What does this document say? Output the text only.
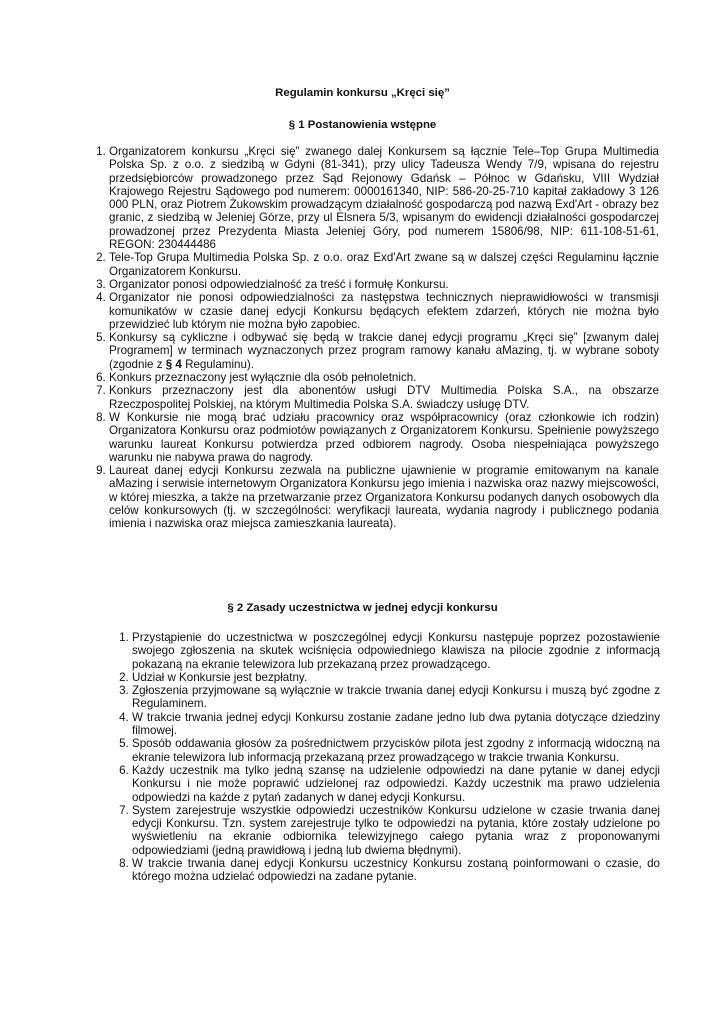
Regulamin konkursu „Kręci się”
§ 1 Postanowienia wstępne
1. Organizatorem konkursu „Kręci się” zwanego dalej Konkursem są łącznie Tele–Top Grupa Multimedia Polska Sp. z o.o. z siedzibą w Gdyni (81-341), przy ulicy Tadeusza Wendy 7/9, wpisana do rejestru przedsiębiorców prowadzonego przez Sąd Rejonowy Gdańsk – Północ w Gdańsku, VIII Wydział Krajowego Rejestru Sądowego pod numerem: 0000161340, NIP: 586-20-25-710 kapitał zakładowy 3 126 000 PLN, oraz Piotrem Żukowskim prowadzącym działalność gospodarczą pod nazwą Exd'Art - obrazy bez granic, z siedzibą w Jeleniej Górze, przy ul Elsnera 5/3, wpisanym do ewidencji działalności gospodarczej prowadzonej przez Prezydenta Miasta Jeleniej Góry, pod numerem 15806/98, NIP: 611-108-51-61, REGON: 230444486
2. Tele-Top Grupa Multimedia Polska Sp. z o.o. oraz Exd'Art zwane są w dalszej części Regulaminu łącznie Organizatorem Konkursu.
3. Organizator ponosi odpowiedzialność za treść i formułę Konkursu.
4. Organizator nie ponosi odpowiedzialności za następstwa technicznych nieprawidłowości w transmisji komunikatów w czasie danej edycji Konkursu będących efektem zdarzeń, których nie można było przewidzieć lub którym nie można było zapobiec.
5. Konkursy są cykliczne i odbywać się będą w trakcie danej edycji programu „Kręci się” [zwanym dalej Programem] w terminach wyznaczonych przez program ramowy kanału aMazing, tj. w wybrane soboty (zgodnie z § 4 Regulaminu).
6. Konkurs przeznaczony jest wyłącznie dla osób pełnoletnich.
7. Konkurs przeznaczony jest dla abonentów usługi DTV Multimedia Polska S.A., na obszarze Rzeczpospolitej Polskiej, na którym Multimedia Polska S.A. świadczy usługę DTV.
8. W Konkursie nie mogą brać udziału pracownicy oraz współpracownicy (oraz członkowie ich rodzin) Organizatora Konkursu oraz podmiotów powiązanych z Organizatorem Konkursu. Spełnienie powyższego warunku laureat Konkursu potwierdza przed odbiorem nagrody. Osoba niespełniająca powyższego warunku nie nabywa prawa do nagrody.
9. Laureat danej edycji Konkursu zezwala na publiczne ujawnienie w programie emitowanym na kanale aMazing i serwisie internetowym Organizatora Konkursu jego imienia i nazwiska oraz nazwy miejscowości, w której mieszka, a także na przetwarzanie przez Organizatora Konkursu podanych danych osobowych dla celów konkursowych (tj. w szczególności: weryfikacji laureata, wydania nagrody i publicznego podania imienia i nazwiska oraz miejsca zamieszkania laureata).
§ 2 Zasady uczestnictwa w jednej edycji konkursu
1. Przystąpienie do uczestnictwa w poszczególnej edycji Konkursu następuje poprzez pozostawienie swojego zgłoszenia na skutek wciśnięcia odpowiedniego klawisza na pilocie zgodnie z informacją pokazaną na ekranie telewizora lub przekazaną przez prowadzącego.
2. Udział w Konkursie jest bezpłatny.
3. Zgłoszenia przyjmowane są wyłącznie w trakcie trwania danej edycji Konkursu i muszą być zgodne z Regulaminem.
4. W trakcie trwania jednej edycji Konkursu zostanie zadane jedno lub dwa pytania dotyczące dziedziny filmowej.
5. Sposób oddawania głosów za pośrednictwem przycisków pilota jest zgodny z informacją widoczną na ekranie telewizora lub informacją przekazaną przez prowadzącego w trakcie trwania Konkursu.
6. Każdy uczestnik ma tylko jedną szansę na udzielenie odpowiedzi na dane pytanie w danej edycji Konkursu i nie może poprawić udzielonej raz odpowiedzi. Każdy uczestnik ma prawo udzielenia odpowiedzi na każde z pytań zadanych w danej edycji Konkursu.
7. System zarejestruje wszystkie odpowiedzi uczestników Konkursu udzielone w czasie trwania danej edycji Konkursu. Tzn. system zarejestruje tylko te odpowiedzi na pytania, które zostały udzielone po wyświetleniu na ekranie odbiornika telewizyjnego całego pytania wraz z proponowanymi odpowiedziami (jedną prawidłową i jedną lub dwiema błędnymi).
8. W trakcie trwania danej edycji Konkursu uczestnicy Konkursu zostaną poinformowani o czasie, do którego można udzielać odpowiedzi na zadane pytanie.
